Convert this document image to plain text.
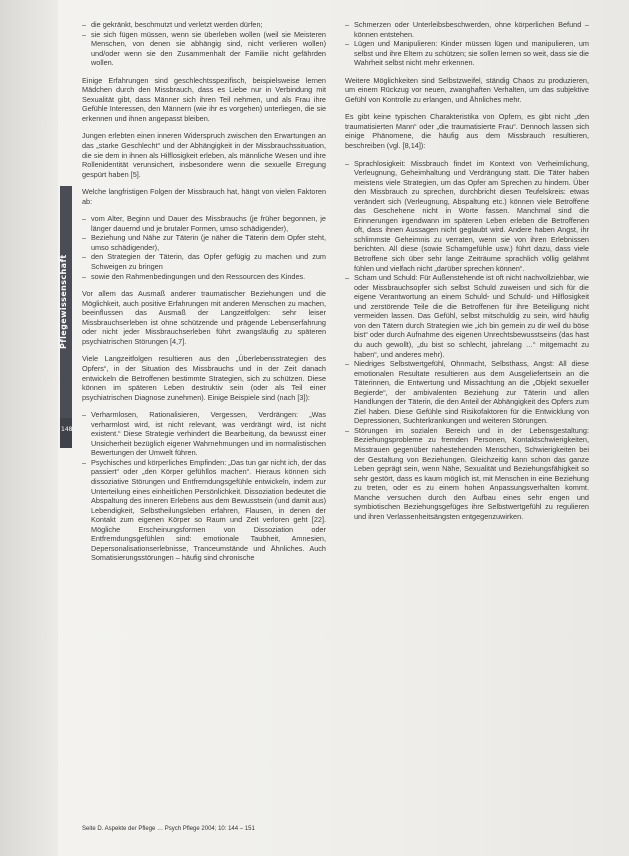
Pflegewissenschaft
148
– die gekränkt, beschmutzt und verletzt werden dürfen;
– sie sich fügen müssen, wenn sie überleben wollen (weil sie Meisteren Menschen, von denen sie abhängig sind, nicht verlieren wollen) und/oder wenn sie den Zusammenhalt der Familie nicht gefährden wollen.

Einige Erfahrungen sind geschlechtsspezifisch, beispielsweise lernen Mädchen durch den Missbrauch, dass es Liebe nur in Verbindung mit Sexualität gibt, dass Männer sich ihren Teil nehmen, und als Frau ihre Gefühle Interessen, den Männern (wie ihr es vorgehen) unterliegen, die sie erkennen und ihnen angepasst bleiben.

Jungen erlebten einen inneren Widerspruch zwischen den Erwartungen an das „starke Geschlecht“ und der Abhängigkeit in der Missbrauchssituation, die sie dem in ihnen als Hilflosigkeit erleben, als männliche Wesen und ihre Rollenidentität verunsichert, insbesondere wenn die sexuelle Erregung gespürt haben [5].

Welche langfristigen Folgen der Missbrauch hat, hängt von vielen Faktoren ab:

– vom Alter, Beginn und Dauer des Missbrauchs (je früher begonnen, je länger dauernd und je brutaler Formen, umso schädigender),
– Beziehung und Nähe zur Täterin (je näher die Täterin dem Opfer steht, umso schädigender),
– den Strategien der Täterin, das Opfer gefügig zu machen und zum Schweigen zu bringen
– sowie den Rahmenbedingungen und den Ressourcen des Kindes.

Vor allem das Ausmaß anderer traumatischer Beziehungen und die Möglichkeit, auch positive Erfahrungen mit anderen Menschen zu machen, beeinflussen das Ausmaß der Langzeitfolgen: sehr leiser Missbrauchserleben ist ohne schützende und prägende Lebenserfahrung oder nicht jeder Missbrauchserleben führt zwangsläufig zu späteren psychiatrischen Störungen [4,7].

Viele Langzeitfolgen resultieren aus den „Überlebensstrategien des Opfers“, in der Situation des Missbrauchs und in der Zeit danach entwickeln die Betroffenen bestimmte Strategien, sich zu schützen. Diese können im späteren Leben destruktiv sein (oder als Teil einer psychiatrischen Diagnose zunehmen). Einige Beispiele sind (nach [3]):

– Verharmlosen, Rationalisieren, Vergessen, Verdrängen: „Was verharmlost wird, ist nicht relevant, was verdrängt wird, ist nicht existent.“ Diese Strategie verhindert die Bearbeitung, da bewusst einer Unsicherheit bezüglich eigener Wahrnehmungen und im normalistischen Bewertungen der Umwelt führen.
– Psychisches und körperliches Empfinden: „Das tun gar nicht ich, der das passiert“ oder „den Körper gefühllos machen“. Hieraus können sich dissoziative Störungen und Entfremdungsgefühle entwickeln, indem zur Unterteilung eines einheitlichen Persönlichkeit. Dissoziation bedeutet die Abspaltung des inneren Erlebens aus dem Bewusstsein (und damit aus) Lebendigkeit, Selbstheilungsleben erfahren, Flausen, in denen der Kontakt zum eigenen Körper so Raum und Zeit verloren geht [22]. Mögliche Erscheinungsformen von Dissoziation oder Entfremdungsgefühlen sind: emotionale Taubheit, Amnesien, Depersonalisationserlebnisse, Tranceumstände und Ähnliches. Auch Somatisierungsstörungen – häufig sind chronische
– Schmerzen oder Unterleibsbeschwerden, ohne körperlichen Befund – können entstehen.
– Lügen und Manipulieren: Kinder müssen lügen und manipulieren, um selbst und ihre Eltern zu schützen; sie sollen lernen so weit, dass sie die Wahrheit selbst nicht mehr erkennen.

Weitere Möglichkeiten sind Selbstzweifel, ständig Chaos zu produzieren, um einem Rückzug vor neuen, zwanghaften Verhalten, um das subjektive Gefühl von Kontrolle zu erlangen, und Ähnliches mehr.

Es gibt keine typischen Charakteristika von Opfern, es gibt nicht „den traumatisierten Mann“ oder „die traumatisierte Frau“. Dennoch lassen sich einige Phänomene, die häufig aus dem Missbrauch resultieren, beschreiben (vgl. [8,14]):

– Sprachlosigkeit: Missbrauch findet im Kontext von Verheimlichung, Verleugnung, Geheimhaltung und Verdrängung statt. Die Täter haben meistens viele Strategien, um das Opfer am Sprechen zu hindern. Über den Missbrauch zu sprechen, durchbricht diesen Teufelskreis: etwas verändert sich (Verleugnung, Abspaltung etc.) können viele Betroffene das Geschehene nicht in Worte fassen. Manchmal sind die Erinnerungen irgendwann im späteren Leben erleben die Betroffenen oft, dass ihnen Aussagen nicht geglaubt wird. Andere haben Angst, ihr schlimmste Geheimnis zu verraten, wenn sie von ihren Erlebnissen berichten. All diese (sowie Schamgefühle usw.) führt dazu, dass viele Betroffene sich über sehr lange Zeiträume sprachlich völlig gelähmt fühlen und vielfach nicht „darüber sprechen können“.
– Scham und Schuld: Für Außenstehende ist oft nicht nachvollziehbar, wie oder Missbrauchsopfer sich selbst Schuld zuweisen und sich für die eigene Verantwortung an einem Schuld- und Schuld- und Hilflosigkeit und zerstörende Teile die die Betroffenen für ihre Beteiligung nicht vermeiden lassen. Das Gefühl, selbst mitschuldig zu sein, wird häufig von den Tätern durch Strategien wie „ich bin gemein zu dir weil du böse bist“ oder durch Aufnahme des eigenen Unrechtsbewusstseins (das hast du auch gewollt), „du bist so schlecht, jahrelang …“ mitgemacht zu haben“, und anderes mehr).
– Niedriges Selbstwertgefühl, Ohnmacht, Selbsthass, Angst: All diese emotionalen Resultate resultieren aus dem Ausgeliefertsein an die Täterinnen, die Entwertung und Missachtung an die „Objekt sexueller Begierde“, der ambivalenten Beziehung zur Täterin und allen Handlungen der Täterin, die den Anteil der Abhängigkeit des Opfers zum Ziel haben. Diese Gefühle sind Risikofaktoren für die Entwicklung von Depressionen, Suchterkrankungen und weiteren Störungen.
– Störungen im sozialen Bereich und in der Lebensgestaltung: Beziehungsprobleme zu fremden Personen, Kontaktschwierigkeiten, Misstrauen gegenüber nahestehenden Menschen, Schwierigkeiten bei der Gestaltung von Beziehungen. Gleichzeitig kann schon das ganze Leben geprägt sein, wenn Nähe, Sexualität und Beziehungsfähigkeit so sehr gestört, dass es kaum möglich ist, mit Menschen in eine Beziehung zu treten, oder es zu einem hohen Anpassungsverhalten kommt. Manche versuchen durch den Aufbau eines sehr engen und symbiotischen Beziehungsgefüges ihre Selbstwertgefühl zu regulieren und ihren Verlassenheitsängsten entgegenzuwirken.
Seite D. Aspekte der Pflege … Psych Pflege 2004; 10: 144 – 151
